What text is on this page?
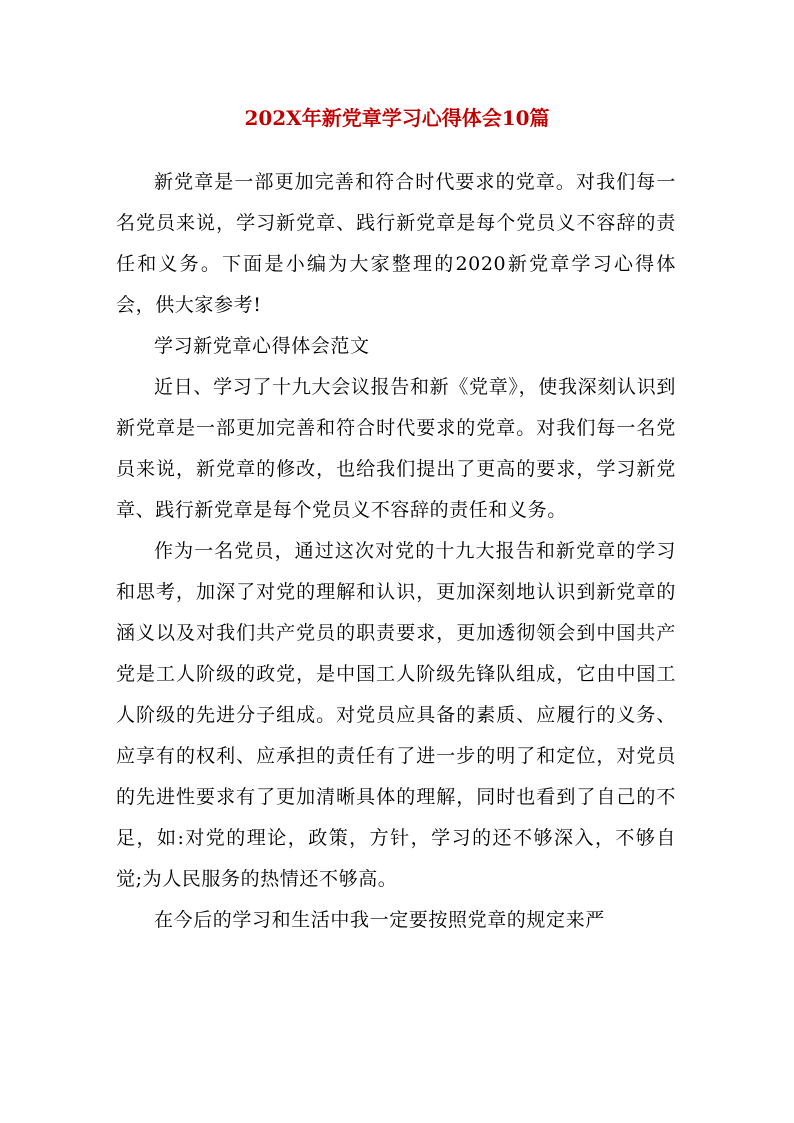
202X年新党章学习心得体会10篇

新党章是一部更加完善和符合时代要求的党章。对我们每一名党员来说，学习新党章、践行新党章是每个党员义不容辞的责任和义务。下面是小编为大家整理的2020新党章学习心得体会，供大家参考!

学习新党章心得体会范文

近日、学习了十九大会议报告和新《党章》，使我深刻认识到新党章是一部更加完善和符合时代要求的党章。对我们每一名党员来说，新党章的修改，也给我们提出了更高的要求，学习新党章、践行新党章是每个党员义不容辞的责任和义务。

作为一名党员，通过这次对党的十九大报告和新党章的学习和思考，加深了对党的理解和认识，更加深刻地认识到新党章的涵义以及对我们共产党员的职责要求，更加透彻领会到中国共产党是工人阶级的政党，是中国工人阶级先锋队组成，它由中国工人阶级的先进分子组成。对党员应具备的素质、应履行的义务、应享有的权利、应承担的责任有了进一步的明了和定位，对党员的先进性要求有了更加清晰具体的理解，同时也看到了自己的不足，如:对党的理论，政策，方针，学习的还不够深入，不够自觉;为人民服务的热情还不够高。

在今后的学习和生活中我一定要按照党章的规定来严
